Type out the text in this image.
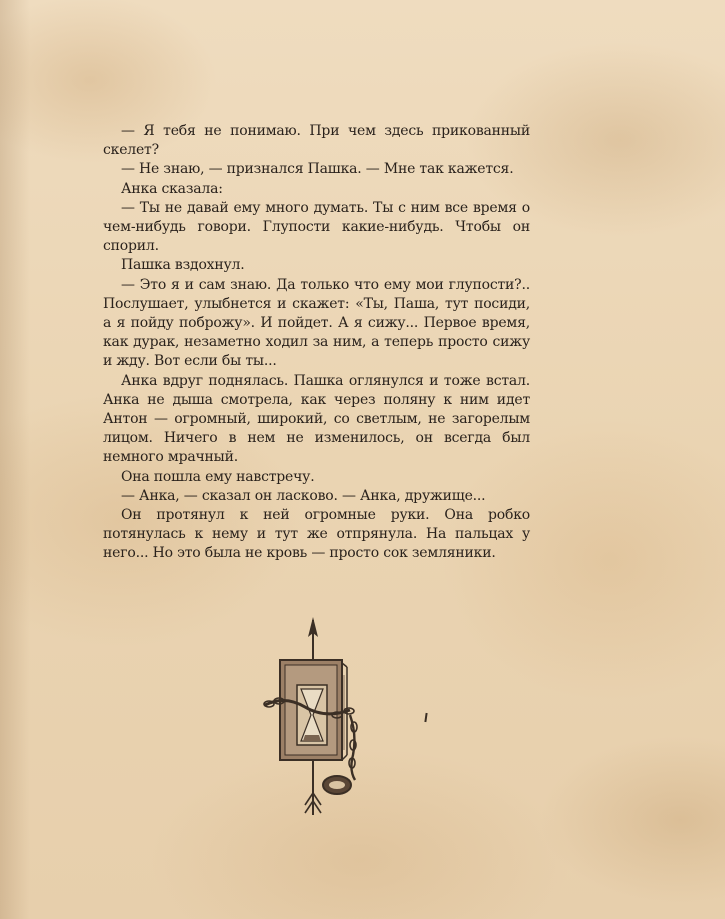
— Я тебя не понимаю. При чем здесь прикованный скелет?

— Не знаю, — признался Пашка. — Мне так кажется.

Анка сказала:

— Ты не давай ему много думать. Ты с ним все время о чем-нибудь говори. Глупости какие-нибудь. Чтобы он спорил.

Пашка вздохнул.

— Это я и сам знаю. Да только что ему мои глупости?.. Послушает, улыбнется и скажет: «Ты, Паша, тут посиди, а я пойду поброжу». И пойдет. А я сижу... Первое время, как дурак, незаметно ходил за ним, а теперь просто сижу и жду. Вот если бы ты...

Анка вдруг поднялась. Пашка оглянулся и тоже встал. Анка не дыша смотрела, как через поляну к ним идет Антон — огромный, широкий, со светлым, не загорелым лицом. Ничего в нем не изменилось, он всегда был немного мрачный.

Она пошла ему навстречу.

— Анка, — сказал он ласково. — Анка, дружище...

Он протянул к ней огромные руки. Она робко потянулась к нему и тут же отпрянула. На пальцах у него... Но это была не кровь — просто сок земляники.
